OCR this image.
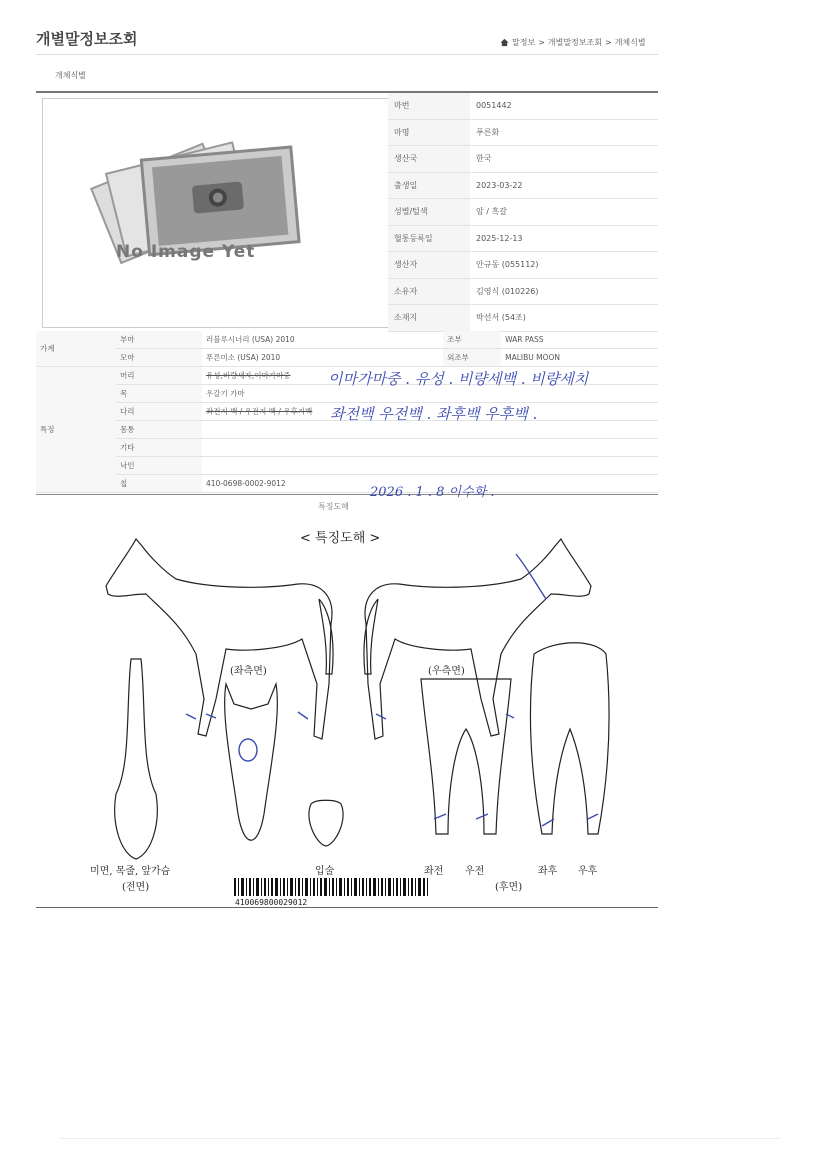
개별말정보조회	말정보 > 개별말정보조회 > 개체식별
개체식별
No Image Yet
마번	0051442
마명	푸른화
생산국	한국
출생일	2023-03-22
성별/털색	암 / 흑갈
혈통등록일	2025-12-13
생산자	안규동 (055112)
소유자	김영식 (010226)
소재지	박선서 (54조)
가계	부마	러블루시너리 (USA) 2010	조부	WAR PASS
	모마	푸른미소 (USA) 2010	외조부	MALIBU MOON
특징	머리	유성,비량세자,이마가마중		
	목	우갈기 가마		
	다리	좌전지 백 / 우전지 백 / 우후지백		
	몸통			
	기타			
	낙인			
	칩	410-0698-0002-9012		
이마가마중 . 유성 . 비량세백 . 비량세치
좌전백 우전백 . 좌후백 우후백 .
2026 . 1 . 8 이수화 .
특징도해
< 특징도해 >
(좌측면)	(우측면)
미면, 목줄, 앞가슴
(전면)
입술	좌전 우전	좌후 우후
(후면)
410069800029012
